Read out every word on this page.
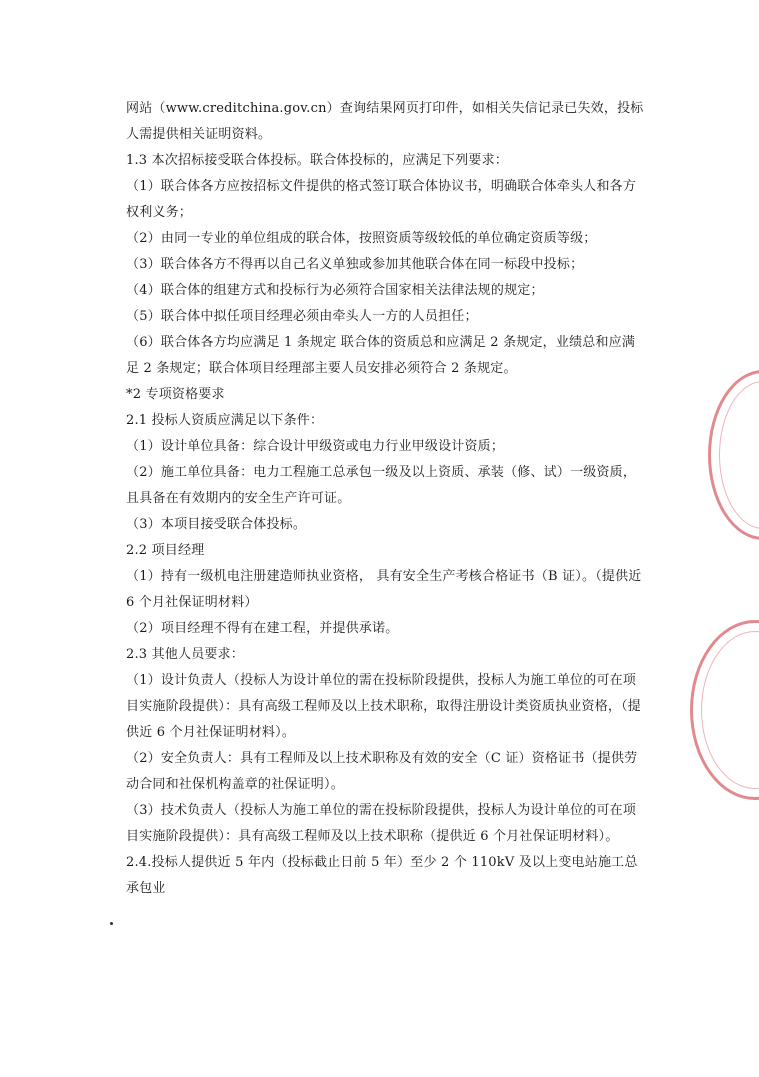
网站（www.creditchina.gov.cn）查询结果网页打印件，如相关失信记录已失效，投标人需提供相关证明资料。

1.3 本次招标接受联合体投标。联合体投标的，应满足下列要求：

（1）联合体各方应按招标文件提供的格式签订联合体协议书，明确联合体牵头人和各方权利义务；

（2）由同一专业的单位组成的联合体，按照资质等级较低的单位确定资质等级；

（3）联合体各方不得再以自己名义单独或参加其他联合体在同一标段中投标；

（4）联合体的组建方式和投标行为必须符合国家相关法律法规的规定；

（5）联合体中拟任项目经理必须由牵头人一方的人员担任；

（6）联合体各方均应满足 1 条规定 联合体的资质总和应满足 2 条规定，业绩总和应满足 2 条规定；联合体项目经理部主要人员安排必须符合 2 条规定。

*2 专项资格要求

2.1 投标人资质应满足以下条件：

（1）设计单位具备：综合设计甲级资或电力行业甲级设计资质；

（2）施工单位具备：电力工程施工总承包一级及以上资质、承装（修、试）一级资质，且具备在有效期内的安全生产许可证。

（3）本项目接受联合体投标。

2.2 项目经理

（1）持有一级机电注册建造师执业资格， 具有安全生产考核合格证书（B 证）。（提供近 6 个月社保证明材料）

（2）项目经理不得有在建工程，并提供承诺。

2.3 其他人员要求：

（1）设计负责人（投标人为设计单位的需在投标阶段提供，投标人为施工单位的可在项目实施阶段提供）：具有高级工程师及以上技术职称，取得注册设计类资质执业资格，（提供近 6 个月社保证明材料）。

（2）安全负责人：具有工程师及以上技术职称及有效的安全（C 证）资格证书（提供劳动合同和社保机构盖章的社保证明）。

（3）技术负责人（投标人为施工单位的需在投标阶段提供，投标人为设计单位的可在项目实施阶段提供）：具有高级工程师及以上技术职称（提供近 6 个月社保证明材料）。

2.4.投标人提供近 5 年内（投标截止日前 5 年）至少 2 个 110kV 及以上变电站施工总承包业
